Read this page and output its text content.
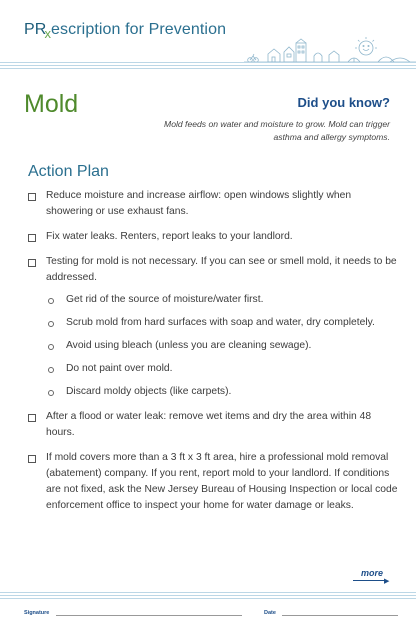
$PR_xescription$ for Prevention
Mold	Did you know?
Mold feeds on water and moisture to grow. Mold can trigger asthma and allergy symptoms.
Action Plan
Reduce moisture and increase airflow: open windows slightly when showering or use exhaust fans.
Fix water leaks. Renters, report leaks to your landlord.
Testing for mold is not necessary. If you can see or smell mold, it needs to be addressed.
Get rid of the source of moisture/water first.
Scrub mold from hard surfaces with soap and water, dry completely.
Avoid using bleach (unless you are cleaning sewage).
Do not paint over mold.
Discard moldy objects (like carpets).
After a flood or water leak: remove wet items and dry the area within 48 hours.
If mold covers more than a 3 ft x 3 ft area, hire a professional mold removal (abatement) company. If you rent, report mold to your landlord. If conditions are not fixed, ask the New Jersey Bureau of Housing Inspection or local code enforcement office to inspect your home for water damage or leaks.
more
▶
Signature	Date
